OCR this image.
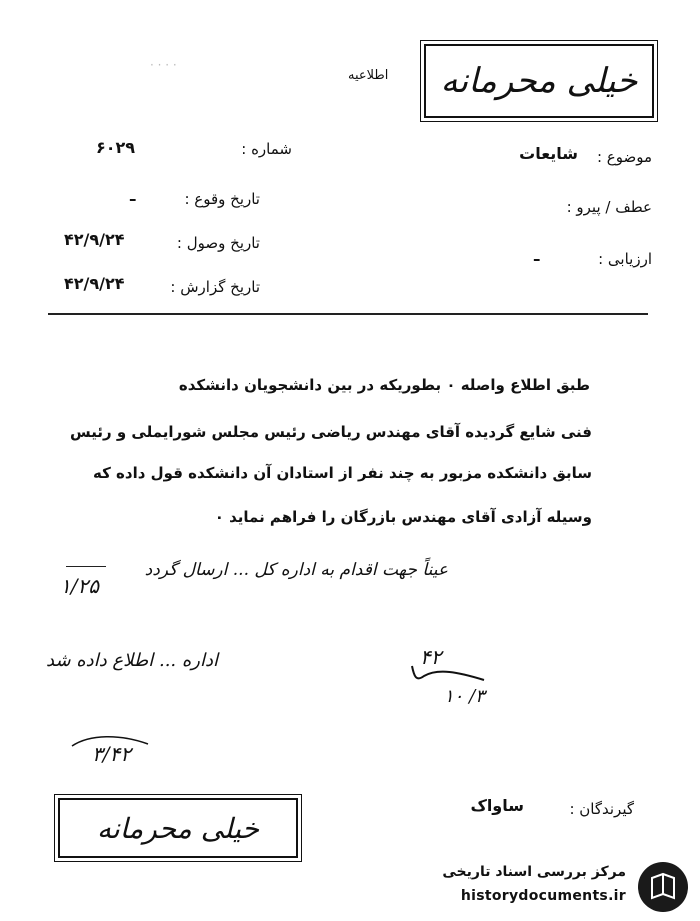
· · · ·	خیلی محرمانه
اطلاعیه
موضوع :
شایعات
شماره :
۶۰۲۹
عطف / پیرو :
تاریخ وقوع :
ـ
تاریخ وصول :
۴۲/۹/۲۴
ارزیابی :
ـ
تاریخ گزارش :
۴۲/۹/۲۴
طبق اطلاع واصله ٠ بطوریکه در بین دانشجویان دانشکده
فنی شایع گردیده آقای مهندس ریاضی رئیس مجلس شورایملی و رئیس
سابق دانشکده مزبور به چند نفر از استادان آن دانشکده قول داده که
وسیله آزادی آقای مهندس بازرگان را فراهم نماید ٠
عیناً جهت اقدام به اداره کل ... ارسال گردد
۱/۲۵
اداره ... اطلاع داده شد	۴۲
۳/ ۱۰
۳/۴۲
گیرندگان :
ساواک
خیلی محرمانه
مرکز بررسی اسناد تاریخی
historydocuments.ir
